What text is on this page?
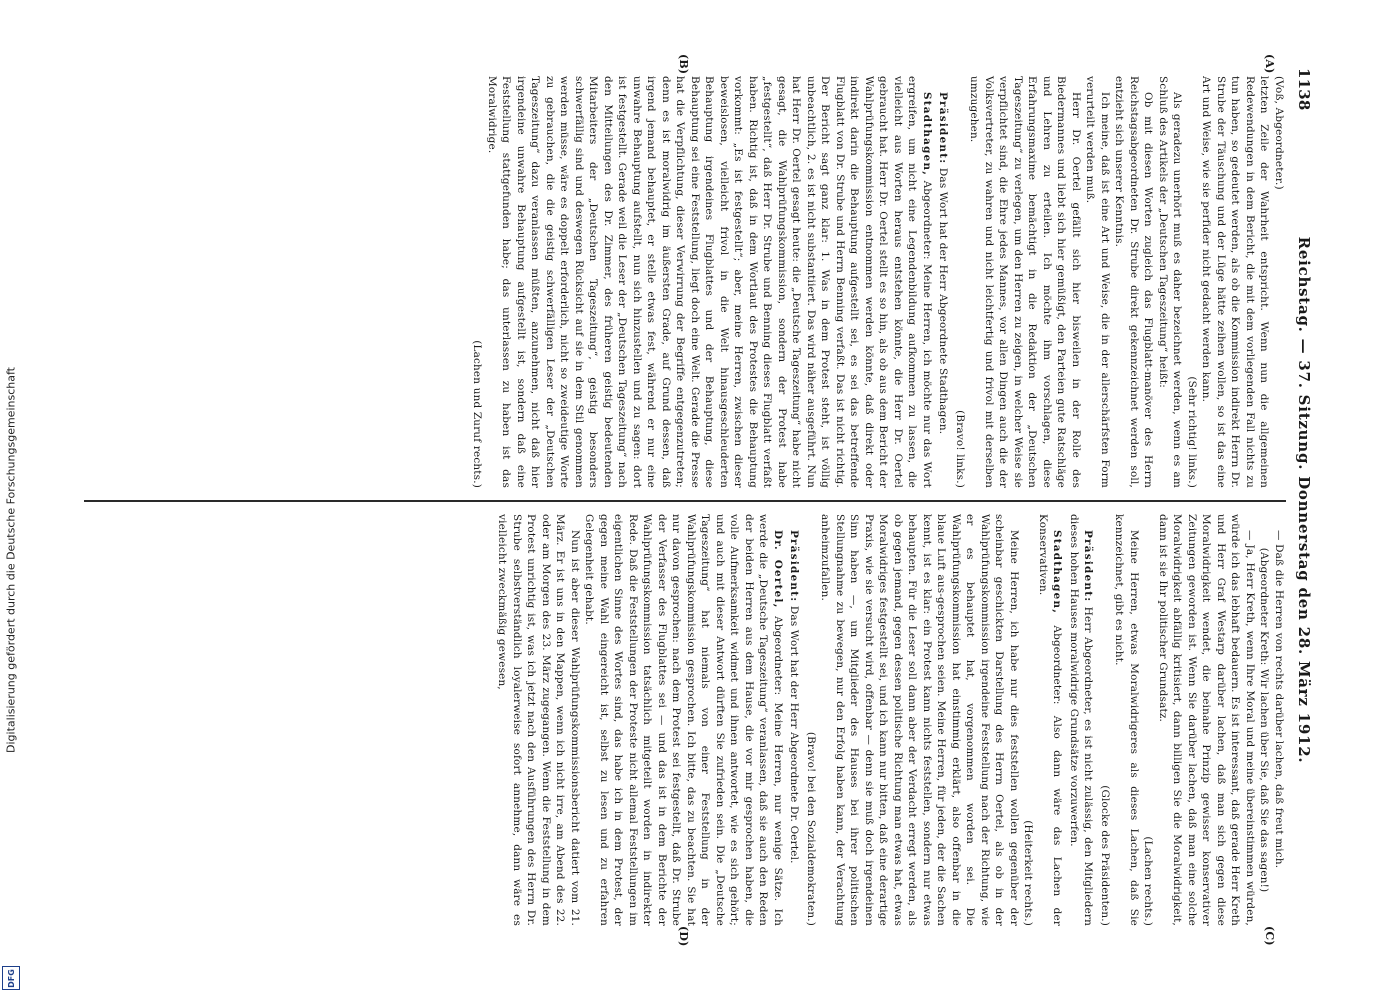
Digitalisierung gefördert durch die Deutsche Forschungsgemeinschaft
DFG
1138
Reichstag. — 37. Sitzung. Donnerstag den 28. März 1912.
(A)
(B)
(C)
(D)

(Voß, Abgeordneter.)

letzten Zeile der Wahrheit entspricht. Wenn nun die allgemeinen Redewendungen in dem Bericht, die mit dem vorliegenden Fall nichts zu tun haben, so gedeutet werden, als ob die Kommission indirekt Herrn Dr. Strube der Täuschung und der Lüge hätte zeihen wollen, so ist das eine Art und Weise, wie sie perfider nicht gedacht werden kann.

(Sehr richtig! links.)

Als geradezu unerhört muß es daher bezeichnet werden, wenn es am Schluß des Artikels der „Deutschen Tageszeitung“ heißt:

Ob mit diesen Worten zugleich das Flugblatt-manöver des Herrn Reichstagsabgeordneten Dr. Strube direkt gekennzeichnet werden soll, entzieht sich unserer Kenntnis.

Ich meine, daß ist eine Art und Weise, die in der allerschärfsten Form verurteilt werden muß.

Herr Dr. Oertel gefällt sich hier bisweilen in der Rolle des Biedermannes und liebt sich hier gemüßigt, den Parteien gute Ratschläge und Lehren zu erteilen. Ich möchte ihm vorschlagen, diese Erfahrungsmaxime bemächtigt in die Redaktion der „Deutschen Tageszeitung“ zu verlegen, um den Herren zu zeigen, in welcher Weise sie verpflichtet sind, die Ehre jedes Mannes, vor allen Dingen auch die der Volksvertreter, zu wahren und nicht leichtfertig und frivol mit derselben umzugehen.

(Bravo! links.)

Präsident: Das Wort hat der Herr Abgeordnete Stadthagen.

Stadthagen, Abgeordneter: Meine Herren, ich möchte nur das Wort ergreifen, um nicht eine Legendenbildung aufkommen zu lassen, die vielleicht aus Worten heraus entstehen könnte, die Herr Dr. Oertel gebraucht hat. Herr Dr. Oertel stellt es so hin, als ob aus dem Bericht der Wahlprüfungskommission entnommen werden könnte, daß direkt oder indirekt darin die Behauptung aufgestellt sei, es sei das betreffende Flugblatt von Dr. Strube und Herrn Benning verfaßt. Das ist nicht richtig. Der Bericht sagt ganz klar: 1. Was in dem Protest steht, ist völlig unbeachtlich, 2. es ist nicht substantiiert. Das wird näher ausgeführt. Nun hat Herr Dr. Oertel gesagt heute: die „Deutsche Tageszeitung“ habe nicht gesagt, die Wahlprüfungskommission, sondern der Protest habe „festgestellt“, daß Herr Dr. Strube und Benning dieses Flugblatt verfaßt haben. Richtig ist, daß in dem Wortlaut des Protestes die Behauptung vorkommt: „Es ist festgestellt“; aber, meine Herren, zwischen dieser beweislosen, vielleicht frivol in die Welt hinausgeschleuderten Behauptung irgendeines Flugblattes und der Behauptung, diese Behauptung sei eine Feststellung, liegt doch eine Welt. Gerade die Presse hat die Verpflichtung, dieser Verwirrung der Begriffe entgegenzutreten; denn es ist moralwidrig im äußersten Grade, auf Grund dessen, daß irgend jemand behauptet, er stelle etwas fest, während er nur eine unwahre Behauptung aufstellt, nun sich hinzustellen und zu sagen: dort ist festgestellt. Gerade weil die Leser der „Deutschen Tageszeitung“ nach den Mitteilungen des Dr. Zimmer, des früheren geistig bedeutenden Mitarbeiters der „Deutschen Tageszeitung“, geistig besonders schwerfällig sind und deswegen Rücksicht auf sie in dem Stil genommen werden müsse, wäre es doppelt erforderlich, nicht so zweideutige Worte zu gebrauchen, die die geistig schwerfälligen Leser der „Deutschen Tageszeitung“ dazu veranlassen müßten, anzunehmen, nicht daß hier irgendeine unwahre Behauptung aufgestellt ist, sondern daß eine Feststellung stattgefunden habe; das unterlassen zu haben ist das Moralwidrige.

(Lachen und Zuruf rechts.)

— Daß die Herren von rechts darüber lachen, daß freut mich.

(Abgeordneter Kreth: Wir lachen über Sie, daß Sie das sagen!)

— Ja, Herr Kreth, wenn Ihre Moral und meine übereinstimmen würden, würde ich das lebhaft bedauern. Es ist interessant, daß gerade Herr Kreth und Herr Graf Westarp darüber lachen, daß man sich gegen diese Moralwidrigkeit wendet, die beinahe Prinzip gewisser konservativer Zeitungen geworden ist. Wenn Sie darüber lachen, daß man eine solche Moralwidrigkeit abfällig kritisiert, dann billigen Sie die Moralwidrigkeit, dann ist sie Ihr politischer Grundsatz.

(Lachen rechts.)

Meine Herren, etwas Moralwidrigeres als dieses Lachen, daß Sie kennzeichnet, gibt es nicht.

(Glocke des Präsidenten.)

Präsident: Herr Abgeordneter, es ist nicht zulässig, den Mitgliedern dieses hohen Hauses moralwidrige Grundsätze vorzuwerfen.

Stadthagen, Abgeordneter: Also dann wäre das Lachen der Konservativen.

(Heiterkeit rechts.)

Meine Herren, ich habe nur dies feststellen wollen gegenüber der scheinbar geschickten Darstellung des Herrn Oertel, als ob in der Wahlprüfungskommission irgendeine Feststellung nach der Richtung, wie er es behauptet hat, vorgenommen worden sei. Die Wahlprüfungskommission hat einstimmig erklärt, also offenbar in die blaue Luft aus-gesprochen seien. Meine Herren, für jeden, der die Sachen kennt, ist es klar: ein Protest kann nichts feststellen, sondern nur etwas behaupten. Für die Leser soll dann aber der Verdacht erregt werden, als ob gegen jemand, gegen dessen politische Richtung man etwas hat, etwas Moralwidriges festgestellt sei, und ich kann nur bitten, daß eine derartige Praxis, wie sie versucht wird, offenbar — denn sie muß doch irgendeinen Sinn haben —, um Mitglieder des Hauses bei ihrer politischen Stellungnahme zu bewegen, nur den Erfolg haben kann, der Verachtung anheimzufallen.

(Bravo! bei den Sozialdemokraten.)

Präsident: Das Wort hat der Herr Abgeordnete Dr. Oertel.

Dr. Oertel, Abgeordneter: Meine Herren, nur wenige Sätze. Ich werde die „Deutsche Tageszeitung“ veranlassen, daß sie auch den Reden der beiden Herren aus dem Hause, die vor mir gesprochen haben, die volle Aufmerksamkeit widmet und ihnen antwortet, wie es sich gehört; und auch mit dieser Antwort dürften Sie zufrieden sein. Die „Deutsche Tageszeitung“ hat niemals von einer Feststellung in der Wahlprüfungskommission gesprochen. Ich bitte, das zu beachten. Sie hat nur davon gesprochen: nach dem Protest sei festgestellt, daß Dr. Strube der Verfasser des Flugblattes sei — und das ist in dem Berichte der Wahlprüfungskommission tatsächlich mitgeteilt worden in indirekter Rede. Daß die Feststellungen der Proteste nicht allemal Feststellungen im eigentlichen Sinne des Wortes sind, das habe ich in dem Protest, der gegen meine Wahl eingereicht ist, selbst zu lesen und zu erfahren Gelegenheit gehabt.

Nun ist aber dieser Wahlprüfungskommissionsbericht datiert vom 21. März. Er ist uns in den Mappen, wenn ich nicht irre, am Abend des 22. oder am Morgen des 23. März zugegangen. Wenn die Feststellung in dem Protest unrichtig ist, was ich jetzt nach den Ausführungen des Herrn Dr. Strube selbstverständlich loyalerweise sofort annehme, dann wäre es vielleicht zweckmäßig gewesen,
